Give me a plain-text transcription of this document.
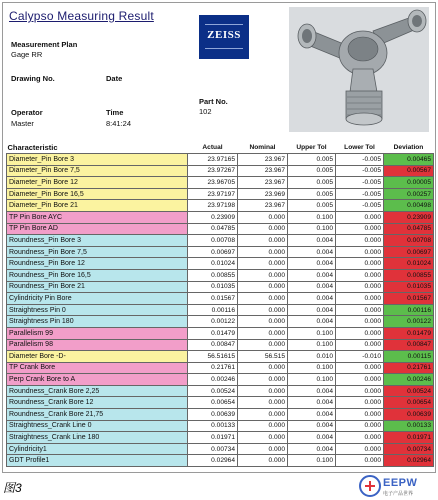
Calypso Measuring Result
Measurement Plan
Gage RR
Drawing No.	Date
Part No.
102
Operator
Master
Time
8:41:24
ZEISS
Characteristic	Actual	Nominal	Upper Tol	Lower Tol	Deviation
Diameter_Pin Bore 3	23.97165	23.967	0.005	-0.005	0.00465
Diameter_Pin Bore 7,5	23.97267	23.967	0.005	-0.005	0.00567
Diameter_Pin Bore 12	23.96705	23.967	0.005	-0.005	0.00005
Diameter_Pin Bore 16,5	23.97197	23.969	0.005	-0.005	0.00257
Diameter_Pin Bore 21	23.97198	23.967	0.005	-0.005	0.00498
TP Pin Bore AYC	0.23909	0.000	0.100	0.000	0.23909
TP Pin Bore AD	0.04785	0.000	0.100	0.000	0.04785
Roundness_Pin Bore 3	0.00708	0.000	0.004	0.000	0.00708
Roundness_Pin Bore 7,5	0.00697	0.000	0.004	0.000	0.00697
Roundness_Pin Bore 12	0.01024	0.000	0.004	0.000	0.01024
Roundness_Pin Bore 16,5	0.00855	0.000	0.004	0.000	0.00855
Roundness_Pin Bore 21	0.01035	0.000	0.004	0.000	0.01035
Cylindricity Pin Bore	0.01567	0.000	0.004	0.000	0.01567
Straightness Pin 0	0.00116	0.000	0.004	0.000	0.00116
Straightness Pin 180	0.00122	0.000	0.004	0.000	0.00122
Parallelism 99	0.01479	0.000	0.100	0.000	0.01479
Parallelism 98	0.00847	0.000	0.100	0.000	0.00847
Diameter Bore -D-	56.51615	56.515	0.010	-0.010	0.00115
TP Crank Bore	0.21761	0.000	0.100	0.000	0.21761
Perp Crank Bore to A	0.00246	0.000	0.100	0.000	0.00246
Roundness_Crank Bore 2,25	0.00524	0.000	0.004	0.000	0.00524
Roundness_Crank Bore 12	0.00654	0.000	0.004	0.000	0.00654
Roundness_Crank Bore 21,75	0.00639	0.000	0.004	0.000	0.00639
Straightness_Crank Line 0	0.00133	0.000	0.004	0.000	0.00133
Straightness_Crank Line 180	0.01971	0.000	0.004	0.000	0.01971
Cylindricity1	0.00734	0.000	0.004	0.000	0.00734
GDT Profile1	0.02964	0.000	0.100	0.000	0.02964
图3	EEPW
电子产品世界
